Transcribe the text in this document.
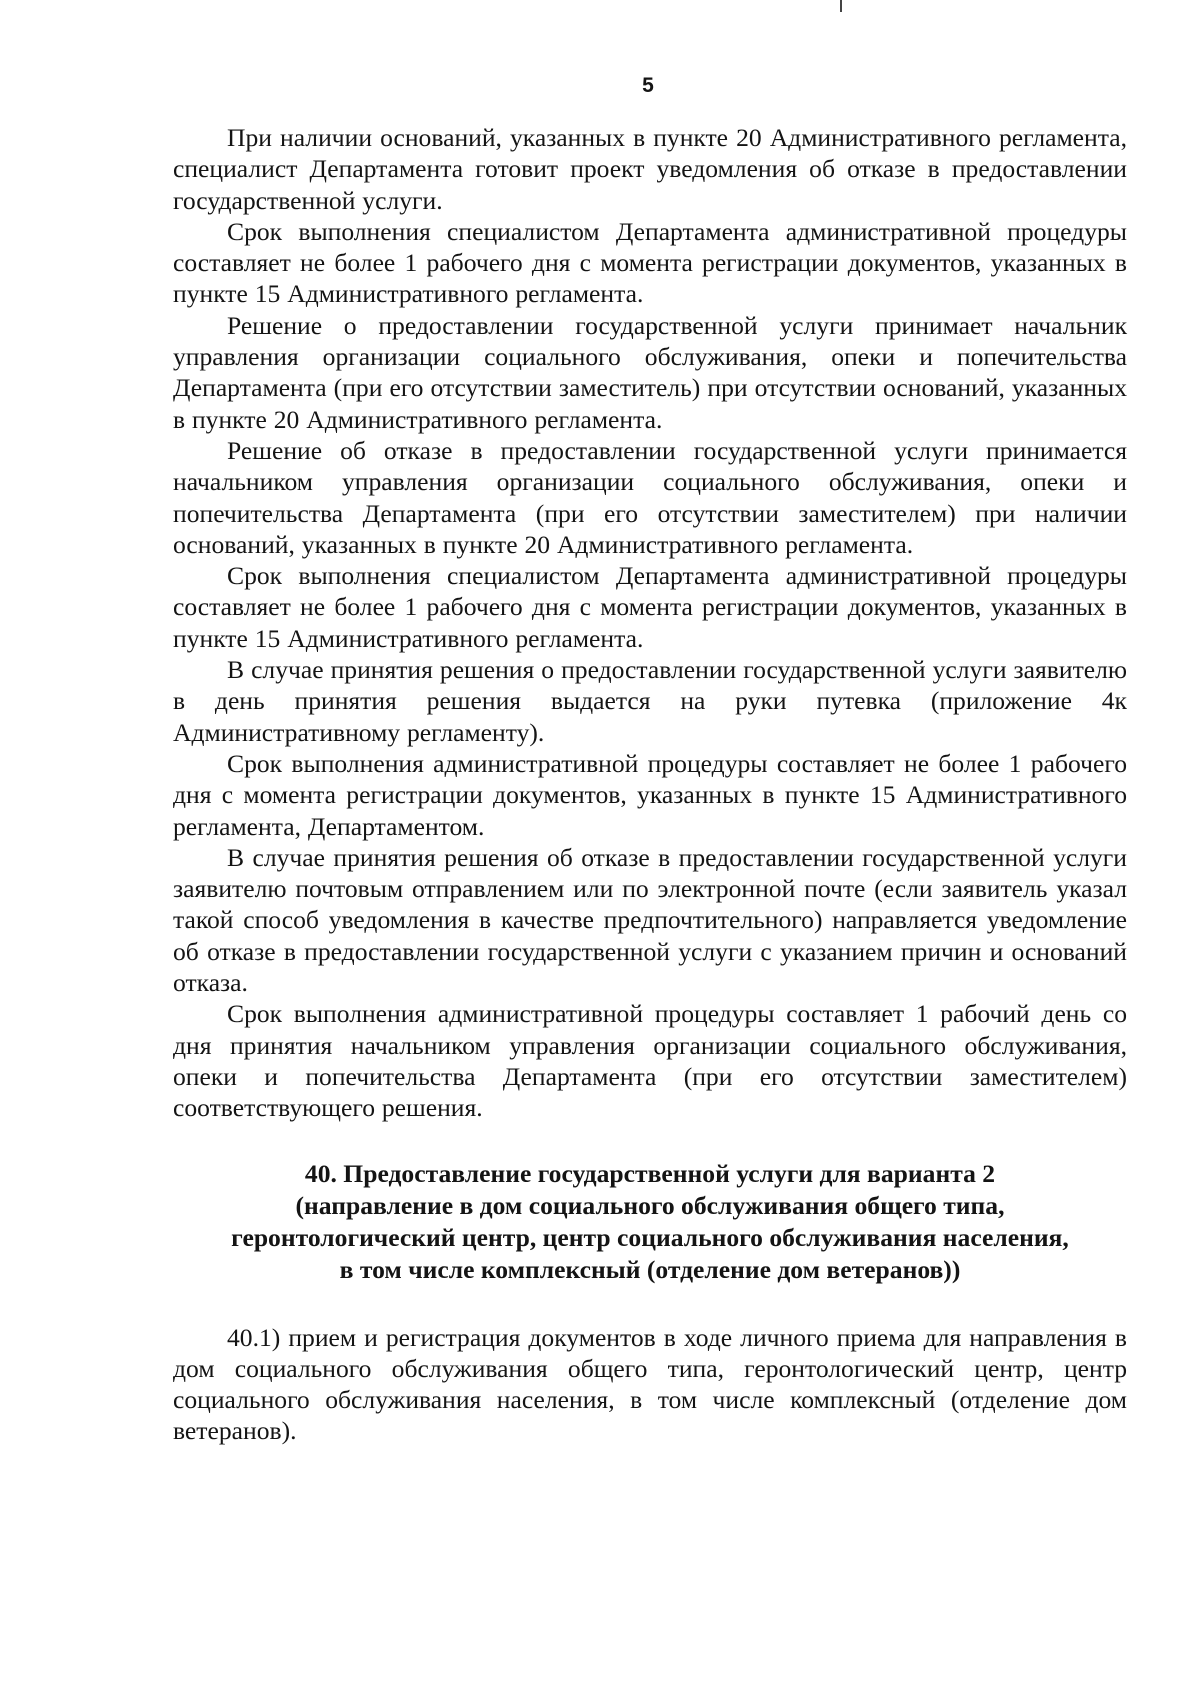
5

При наличии оснований, указанных в пункте 20 Административного регламента, специалист Департамента готовит проект уведомления об отказе в предоставлении государственной услуги.

Срок выполнения специалистом Департамента административной процедуры составляет не более 1 рабочего дня с момента регистрации документов, указанных в пункте 15 Административного регламента.

Решение о предоставлении государственной услуги принимает начальник управления организации социального обслуживания, опеки и попечительства Департамента (при его отсутствии заместитель) при отсутствии оснований, указанных в пункте 20 Административного регламента.

Решение об отказе в предоставлении государственной услуги принимается начальником управления организации социального обслуживания, опеки и попечительства Департамента (при его отсутствии заместителем) при наличии оснований, указанных в пункте 20 Административного регламента.

Срок выполнения специалистом Департамента административной процедуры составляет не более 1 рабочего дня с момента регистрации документов, указанных в пункте 15 Административного регламента.

В случае принятия решения о предоставлении государственной услуги заявителю в день принятия решения выдается на руки путевка (приложение 4к Административному регламенту).

Срок выполнения административной процедуры составляет не более 1 рабочего дня с момента регистрации документов, указанных в пункте 15 Административного регламента, Департаментом.

В случае принятия решения об отказе в предоставлении государственной услуги заявителю почтовым отправлением или по электронной почте (если заявитель указал такой способ уведомления в качестве предпочтительного) направляется уведомление об отказе в предоставлении государственной услуги с указанием причин и оснований отказа.

Срок выполнения административной процедуры составляет 1 рабочий день со дня принятия начальником управления организации социального обслуживания, опеки и попечительства Департамента (при его отсутствии заместителем) соответствующего решения.

40. Предоставление государственной услуги для варианта 2
(направление в дом социального обслуживания общего типа,
геронтологический центр, центр социального обслуживания населения,
в том числе комплексный (отделение дом ветеранов))

40.1) прием и регистрация документов в ходе личного приема для направления в дом социального обслуживания общего типа, геронтологический центр, центр социального обслуживания населения, в том числе комплексный (отделение дом ветеранов).
